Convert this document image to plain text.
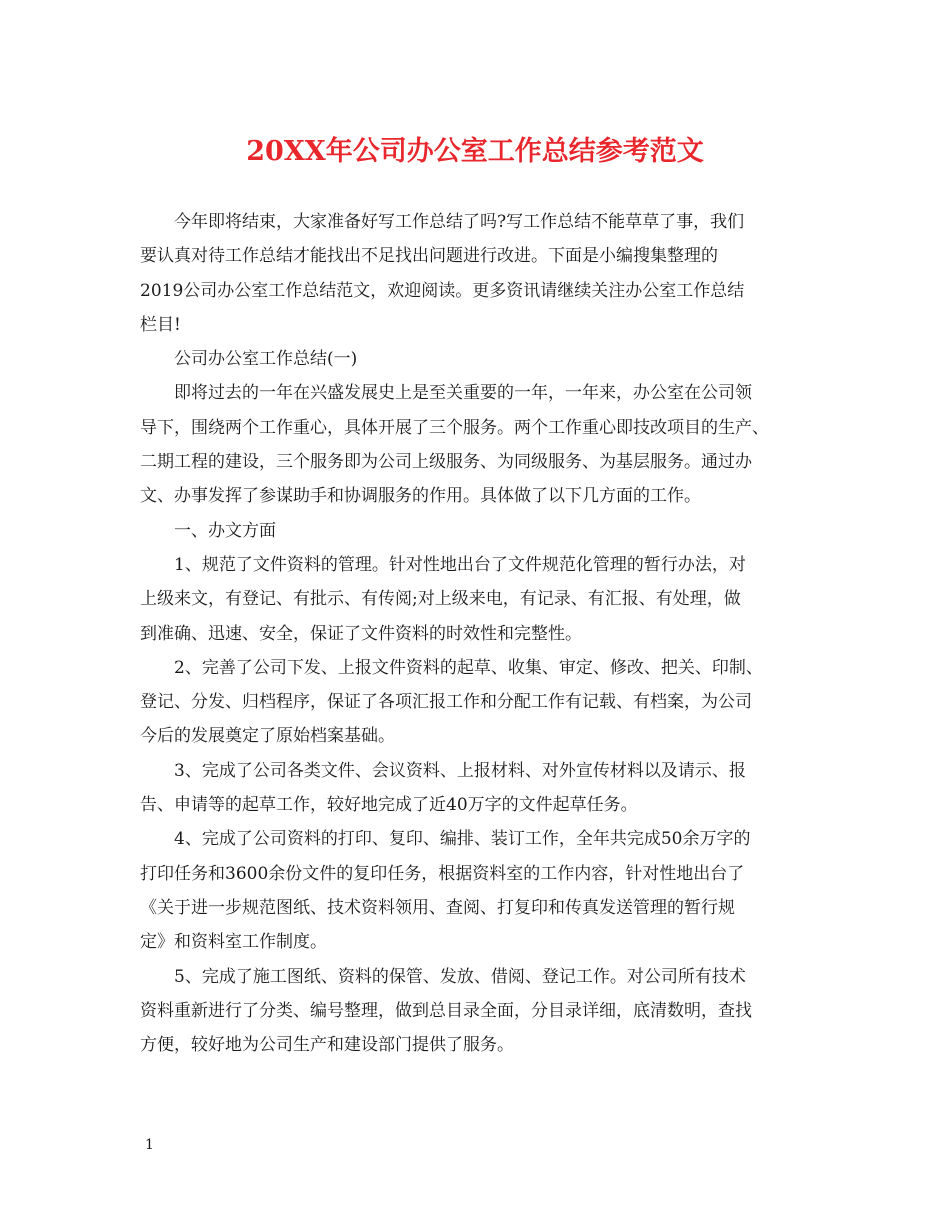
20XX年公司办公室工作总结参考范文
今年即将结束，大家准备好写工作总结了吗?写工作总结不能草草了事，我们
要认真对待工作总结才能找出不足找出问题进行改进。下面是小编搜集整理的
2019公司办公室工作总结范文，欢迎阅读。更多资讯请继续关注办公室工作总结
栏目!
公司办公室工作总结(一)
即将过去的一年在兴盛发展史上是至关重要的一年，一年来，办公室在公司领
导下，围绕两个工作重心，具体开展了三个服务。两个工作重心即技改项目的生产、
二期工程的建设，三个服务即为公司上级服务、为同级服务、为基层服务。通过办
文、办事发挥了参谋助手和协调服务的作用。具体做了以下几方面的工作。
一、办文方面
1、规范了文件资料的管理。针对性地出台了文件规范化管理的暂行办法，对
上级来文，有登记、有批示、有传阅;对上级来电，有记录、有汇报、有处理，做
到准确、迅速、安全，保证了文件资料的时效性和完整性。
2、完善了公司下发、上报文件资料的起草、收集、审定、修改、把关、印制、
登记、分发、归档程序，保证了各项汇报工作和分配工作有记载、有档案，为公司
今后的发展奠定了原始档案基础。
3、完成了公司各类文件、会议资料、上报材料、对外宣传材料以及请示、报
告、申请等的起草工作，较好地完成了近40万字的文件起草任务。
4、完成了公司资料的打印、复印、编排、装订工作，全年共完成50余万字的
打印任务和3600余份文件的复印任务，根据资料室的工作内容，针对性地出台了
《关于进一步规范图纸、技术资料领用、查阅、打复印和传真发送管理的暂行规
定》和资料室工作制度。
5、完成了施工图纸、资料的保管、发放、借阅、登记工作。对公司所有技术
资料重新进行了分类、编号整理，做到总目录全面，分目录详细，底清数明，查找
方便，较好地为公司生产和建设部门提供了服务。
1
